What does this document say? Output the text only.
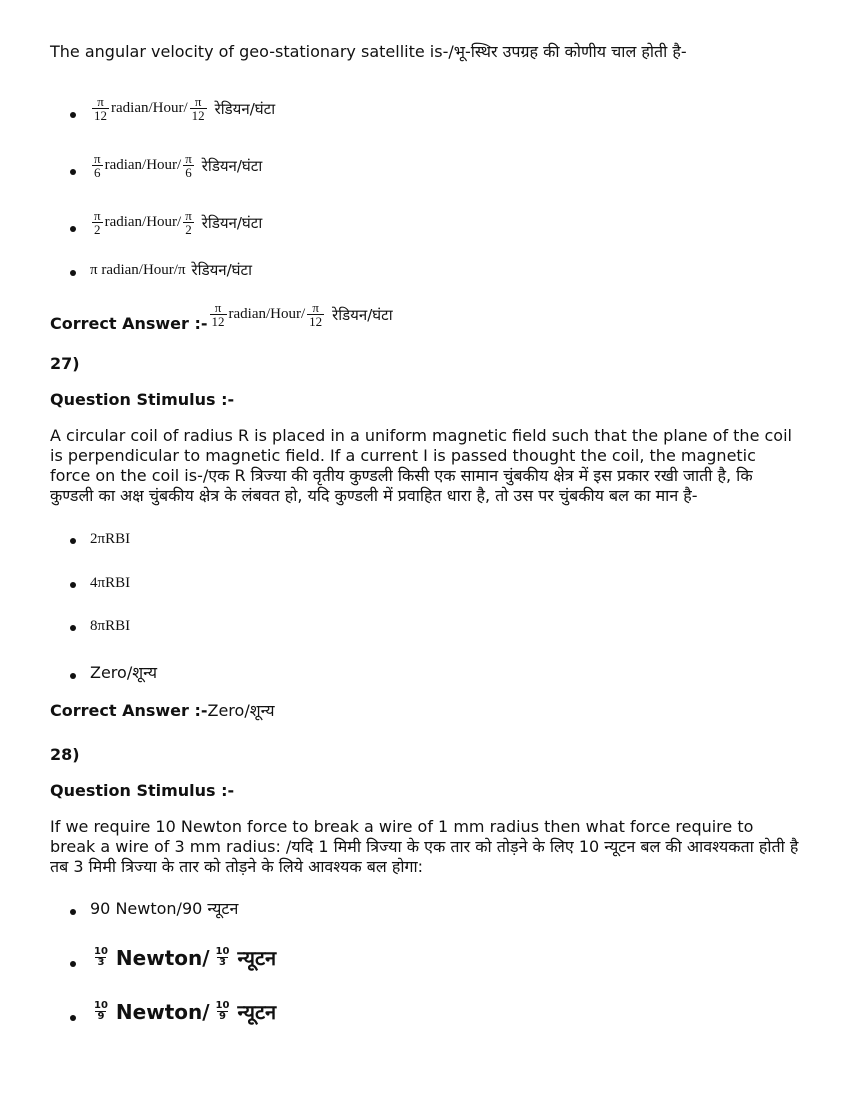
The angular velocity of geo-stationary satellite is-/भू-स्थिर उपग्रह की कोणीय चाल होती है-

$\frac{\pi}{12}$ radian/Hour/ $\frac{\pi}{12}$ रेडियन/घंटा
$\frac{\pi}{6}$ radian/Hour/ $\frac{\pi}{6}$ रेडियन/घंटा
$\frac{\pi}{2}$ radian/Hour/ $\frac{\pi}{2}$ रेडियन/घंटा
π radian/Hour/π रेडियन/घंटा
Correct Answer :- $\frac{\pi}{12}$ radian/Hour/ $\frac{\pi}{12}$ रेडियन/घंटा

27)

Question Stimulus :-

A circular coil of radius R is placed in a uniform magnetic field such that the plane of the coil is perpendicular to magnetic field. If a current I is passed thought the coil, the magnetic force on the coil is-/एक R त्रिज्या की वृतीय कुण्डली किसी एक सामान चुंबकीय क्षेत्र में इस प्रकार रखी जाती है, कि कुण्डली का अक्ष चुंबकीय क्षेत्र के लंबवत हो, यदि कुण्डली में प्रवाहित धारा है, तो उस पर चुंबकीय बल का मान है-

2πRBI
4πRBI
8πRBI
Zero/शून्य
Correct Answer :-Zero/शून्य

28)

Question Stimulus :-

If we require 10 Newton force to break a wire of 1 mm radius then what force require to break a wire of 3 mm radius: /यदि 1 मिमी त्रिज्या के एक तार को तोड़ने के लिए 10 न्यूटन बल की आवश्यकता होती है तब 3 मिमी त्रिज्या के तार को तोड़ने के लिये आवश्यक बल होगा:

90 Newton/90 न्यूटन
$\frac{10}{3}$ Newton/ $\frac{10}{3}$ न्यूटन
$\frac{10}{9}$ Newton/ $\frac{10}{9}$ न्यूटन
